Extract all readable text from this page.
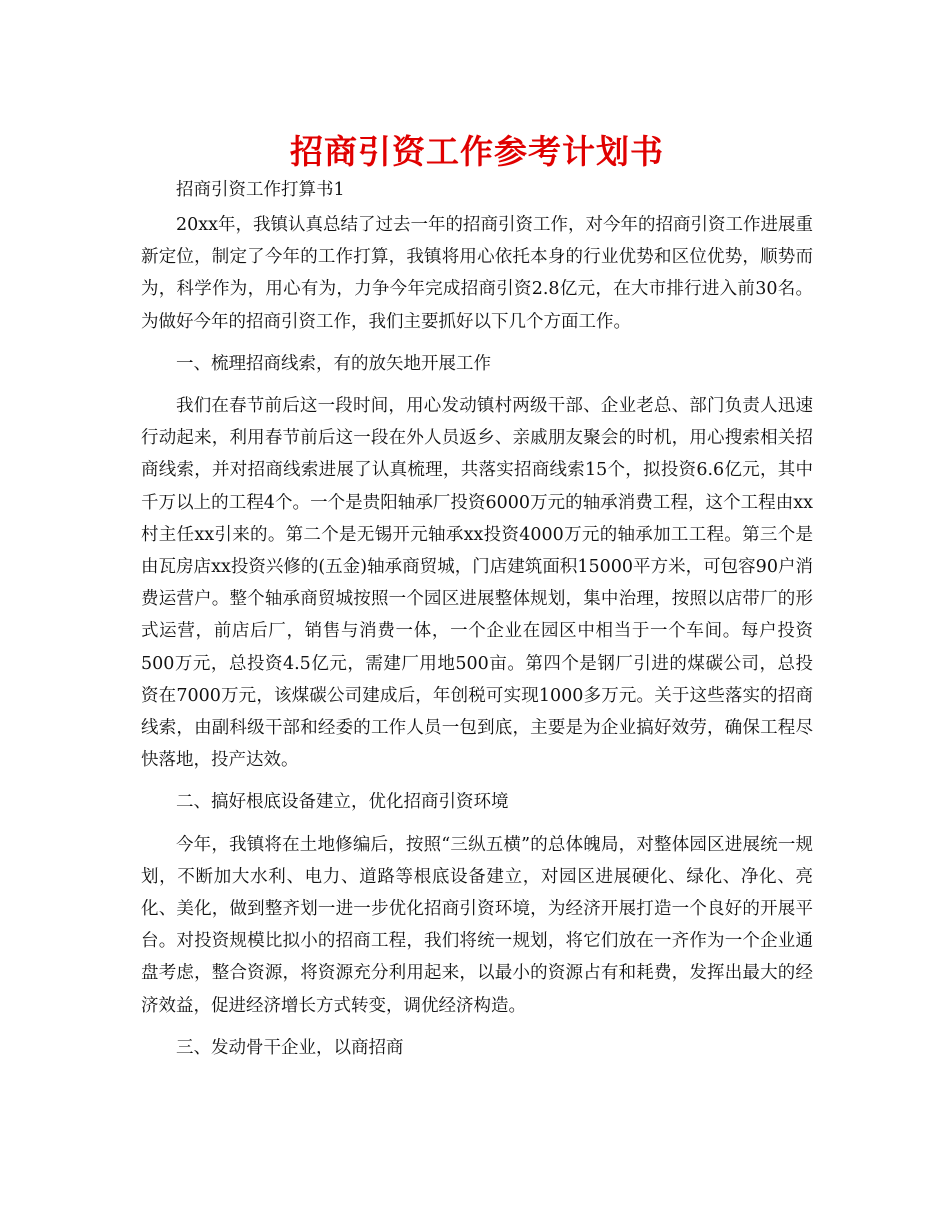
招商引资工作参考计划书

招商引资工作打算书1

20xx年，我镇认真总结了过去一年的招商引资工作，对今年的招商引资工作进展重新定位，制定了今年的工作打算，我镇将用心依托本身的行业优势和区位优势，顺势而为，科学作为，用心有为，力争今年完成招商引资2.8亿元，在大市排行进入前30名。为做好今年的招商引资工作，我们主要抓好以下几个方面工作。

一、梳理招商线索，有的放矢地开展工作

我们在春节前后这一段时间，用心发动镇村两级干部、企业老总、部门负责人迅速行动起来，利用春节前后这一段在外人员返乡、亲戚朋友聚会的时机，用心搜索相关招商线索，并对招商线索进展了认真梳理，共落实招商线索15个，拟投资6.6亿元，其中千万以上的工程4个。一个是贵阳轴承厂投资6000万元的轴承消费工程，这个工程由xx村主任xx引来的。第二个是无锡开元轴承xx投资4000万元的轴承加工工程。第三个是由瓦房店xx投资兴修的(五金)轴承商贸城，门店建筑面积15000平方米，可包容90户消费运营户。整个轴承商贸城按照一个园区进展整体规划，集中治理，按照以店带厂的形式运营，前店后厂，销售与消费一体，一个企业在园区中相当于一个车间。每户投资500万元，总投资4.5亿元，需建厂用地500亩。第四个是钢厂引进的煤碳公司，总投资在7000万元，该煤碳公司建成后，年创税可实现1000多万元。关于这些落实的招商线索，由副科级干部和经委的工作人员一包到底，主要是为企业搞好效劳，确保工程尽快落地，投产达效。

二、搞好根底设备建立，优化招商引资环境

今年，我镇将在土地修编后，按照“三纵五横”的总体魄局，对整体园区进展统一规划，不断加大水利、电力、道路等根底设备建立，对园区进展硬化、绿化、净化、亮化、美化，做到整齐划一进一步优化招商引资环境，为经济开展打造一个良好的开展平台。对投资规模比拟小的招商工程，我们将统一规划，将它们放在一齐作为一个企业通盘考虑，整合资源，将资源充分利用起来，以最小的资源占有和耗费，发挥出最大的经济效益，促进经济增长方式转变，调优经济构造。

三、发动骨干企业，以商招商
